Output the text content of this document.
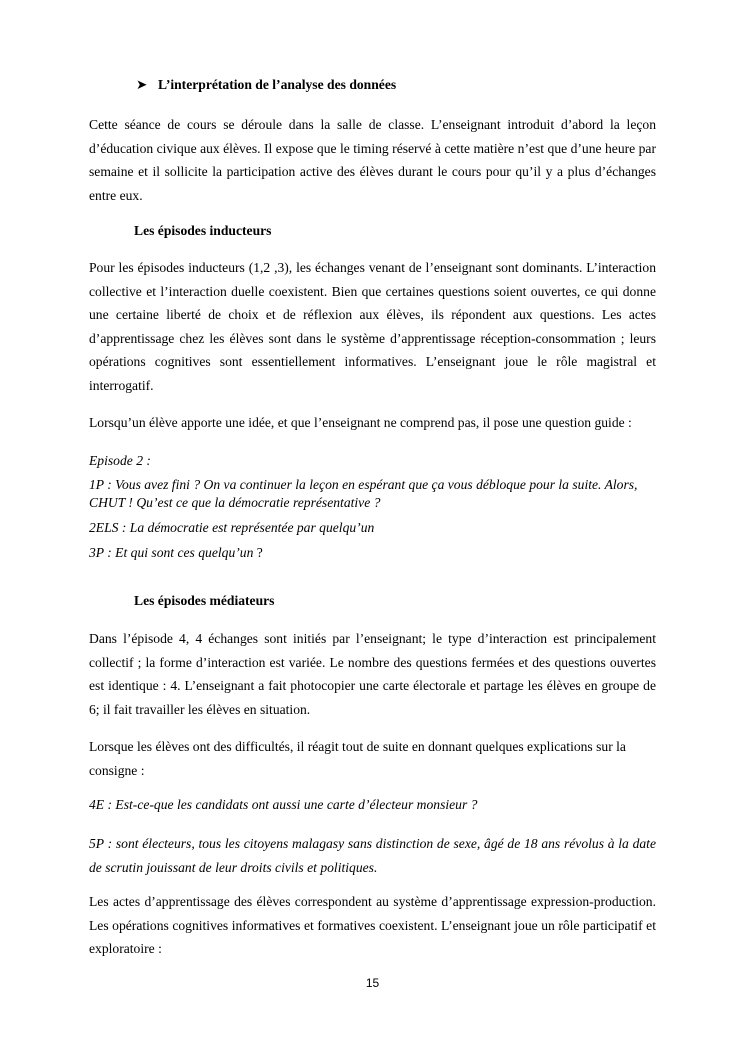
➤ L’interprétation de l’analyse des données

Cette séance de cours se déroule dans la salle de classe. L’enseignant introduit d’abord la leçon d’éducation civique aux élèves. Il expose que le timing réservé à cette matière n’est que d’une heure par semaine et il sollicite la participation active des élèves durant le cours pour qu’il y a plus d’échanges entre eux.

Les épisodes inducteurs

Pour les épisodes inducteurs (1,2 ,3), les échanges venant de l’enseignant sont dominants. L’interaction collective et l’interaction duelle coexistent. Bien que certaines questions soient ouvertes, ce qui donne une certaine liberté de choix et de réflexion aux élèves, ils répondent aux questions. Les actes d’apprentissage chez les élèves sont dans le système d’apprentissage réception-consommation ; leurs opérations cognitives sont essentiellement informatives. L’enseignant joue le rôle magistral et interrogatif.

Lorsqu’un élève apporte une idée, et que l’enseignant ne comprend pas, il pose une question guide :

Episode 2 :

1P : Vous avez fini ? On va continuer la leçon en espérant que ça vous débloque pour la suite. Alors, CHUT ! Qu’est ce que la démocratie représentative ?

2ELS : La démocratie est représentée par quelqu’un

3P : Et qui sont ces quelqu’un ?

Les épisodes médiateurs

Dans l’épisode 4, 4 échanges sont initiés par l’enseignant; le type d’interaction est principalement collectif ; la forme d’interaction est variée. Le nombre des questions fermées et des questions ouvertes est identique : 4. L’enseignant a fait photocopier une carte électorale et partage les élèves en groupe de 6; il fait travailler les élèves en situation.

Lorsque les élèves ont des difficultés, il réagit tout de suite en donnant quelques explications sur la consigne :

4E : Est-ce-que les candidats ont aussi une carte d’électeur monsieur ?

5P : sont électeurs, tous les citoyens malagasy sans distinction de sexe, âgé de 18 ans révolus à la date de scrutin jouissant de leur droits civils et politiques.

Les actes d’apprentissage des élèves correspondent au système d’apprentissage expression-production. Les opérations cognitives informatives et formatives coexistent. L’enseignant joue un rôle participatif et exploratoire :

15
